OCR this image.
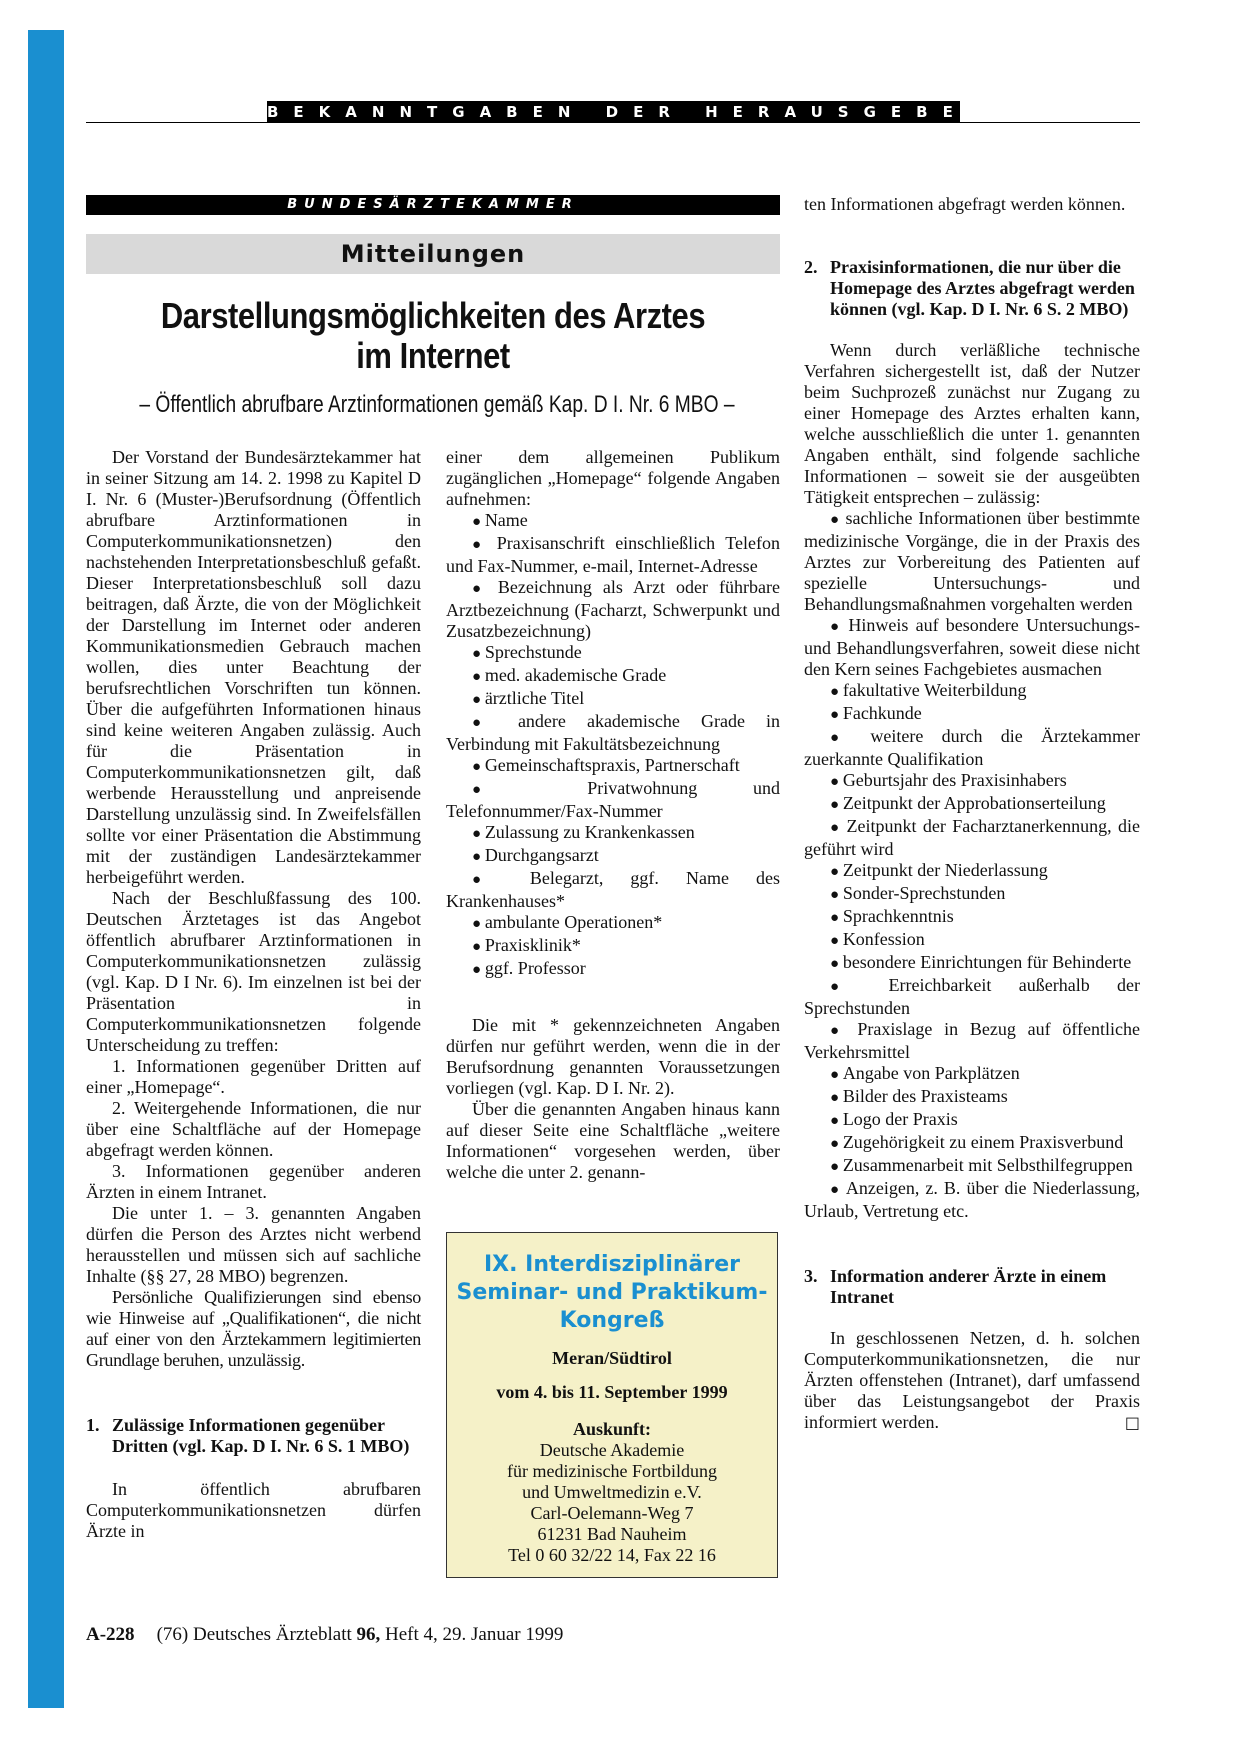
BEKANNTGABEN DER HERAUSGEBER
BUNDESÄRZTEKAMMER
Mitteilungen
Darstellungsmöglichkeiten des Arztes
im Internet
– Öffentlich abrufbare Arztinformationen gemäß Kap. D I. Nr. 6 MBO –

Der Vorstand der Bundesärztekammer hat in seiner Sitzung am 14. 2. 1998 zu Kapitel D I. Nr. 6 (Muster-)Berufsordnung (Öffentlich abrufbare Arztinformationen in Computerkommunikationsnetzen) den nachstehenden Interpretationsbeschluß gefaßt. Dieser Interpretationsbeschluß soll dazu beitragen, daß Ärzte, die von der Möglichkeit der Darstellung im Internet oder anderen Kommunikationsmedien Gebrauch machen wollen, dies unter Beachtung der berufsrechtlichen Vorschriften tun können. Über die aufgeführten Informationen hinaus sind keine weiteren Angaben zulässig. Auch für die Präsentation in Computerkommunikationsnetzen gilt, daß werbende Herausstellung und anpreisende Darstellung unzulässig sind. In Zweifelsfällen sollte vor einer Präsentation die Abstimmung mit der zuständigen Landesärztekammer herbeigeführt werden.

Nach der Beschlußfassung des 100. Deutschen Ärztetages ist das Angebot öffentlich abrufbarer Arztinformationen in Computerkommunikationsnetzen zulässig (vgl. Kap. D I Nr. 6). Im einzelnen ist bei der Präsentation in Computerkommunikationsnetzen folgende Unterscheidung zu treffen:

1. Informationen gegenüber Dritten auf einer „Homepage“.

2. Weitergehende Informationen, die nur über eine Schaltfläche auf der Homepage abgefragt werden können.

3. Informationen gegenüber anderen Ärzten in einem Intranet.

Die unter 1. – 3. genannten Angaben dürfen die Person des Arztes nicht werbend herausstellen und müssen sich auf sachliche Inhalte (§§ 27, 28 MBO) begrenzen.

Persönliche Qualifizierungen sind ebenso wie Hinweise auf „Qualifikationen“, die nicht auf einer von den Ärztekammern legitimierten Grundlage beruhen, unzulässig.

1. Zulässige Informationen gegenüber Dritten (vgl. Kap. D I. Nr. 6 S. 1 MBO)

In öffentlich abrufbaren Computerkommunikationsnetzen dürfen Ärzte in

einer dem allgemeinen Publikum zugänglichen „Homepage“ folgende Angaben aufnehmen:

● Name

● Praxisanschrift einschließlich Telefon und Fax-Nummer, e-mail, Internet-Adresse

● Bezeichnung als Arzt oder führbare Arztbezeichnung (Facharzt, Schwerpunkt und Zusatzbezeichnung)

● Sprechstunde

● med. akademische Grade

● ärztliche Titel

● andere akademische Grade in Verbindung mit Fakultätsbezeichnung

● Gemeinschaftspraxis, Partnerschaft

● Privatwohnung und Telefonnummer/Fax-Nummer

● Zulassung zu Krankenkassen

● Durchgangsarzt

● Belegarzt, ggf. Name des Krankenhauses*

● ambulante Operationen*

● Praxisklinik*

● ggf. Professor

Die mit * gekennzeichneten Angaben dürfen nur geführt werden, wenn die in der Berufsordnung genannten Voraussetzungen vorliegen (vgl. Kap. D I. Nr. 2).

Über die genannten Angaben hinaus kann auf dieser Seite eine Schaltfläche „weitere Informationen“ vorgesehen werden, über welche die unter 2. genann-

IX. Interdisziplinärer Seminar- und Praktikum-Kongreß
Meran/Südtirol
vom 4. bis 11. September 1999
Auskunft:
Deutsche Akademie
für medizinische Fortbildung
und Umweltmedizin e.V.
Carl-Oelemann-Weg 7
61231 Bad Nauheim
Tel 0 60 32/22 14, Fax 22 16

ten Informationen abgefragt werden können.

2. Praxisinformationen, die nur über die Homepage des Arztes abgefragt werden können (vgl. Kap. D I. Nr. 6 S. 2 MBO)

Wenn durch verläßliche technische Verfahren sichergestellt ist, daß der Nutzer beim Suchprozeß zunächst nur Zugang zu einer Homepage des Arztes erhalten kann, welche ausschließlich die unter 1. genannten Angaben enthält, sind folgende sachliche Informationen – soweit sie der ausgeübten Tätigkeit entsprechen – zulässig:

● sachliche Informationen über bestimmte medizinische Vorgänge, die in der Praxis des Arztes zur Vorbereitung des Patienten auf spezielle Untersuchungs- und Behandlungsmaßnahmen vorgehalten werden

● Hinweis auf besondere Untersuchungs- und Behandlungsverfahren, soweit diese nicht den Kern seines Fachgebietes ausmachen

● fakultative Weiterbildung

● Fachkunde

● weitere durch die Ärztekammer zuerkannte Qualifikation

● Geburtsjahr des Praxisinhabers

● Zeitpunkt der Approbationserteilung

● Zeitpunkt der Facharztanerkennung, die geführt wird

● Zeitpunkt der Niederlassung

● Sonder-Sprechstunden

● Sprachkenntnis

● Konfession

● besondere Einrichtungen für Behinderte

● Erreichbarkeit außerhalb der Sprechstunden

● Praxislage in Bezug auf öffentliche Verkehrsmittel

● Angabe von Parkplätzen

● Bilder des Praxisteams

● Logo der Praxis

● Zugehörigkeit zu einem Praxisverbund

● Zusammenarbeit mit Selbsthilfegruppen

● Anzeigen, z. B. über die Niederlassung, Urlaub, Vertretung etc.

3. Information anderer Ärzte in einem Intranet

In geschlossenen Netzen, d. h. solchen Computerkommunikationsnetzen, die nur Ärzten offenstehen (Intranet), darf umfassend über das Leistungsangebot der Praxis informiert werden.	□

A-228 (76) Deutsches Ärzteblatt 96, Heft 4, 29. Januar 1999
